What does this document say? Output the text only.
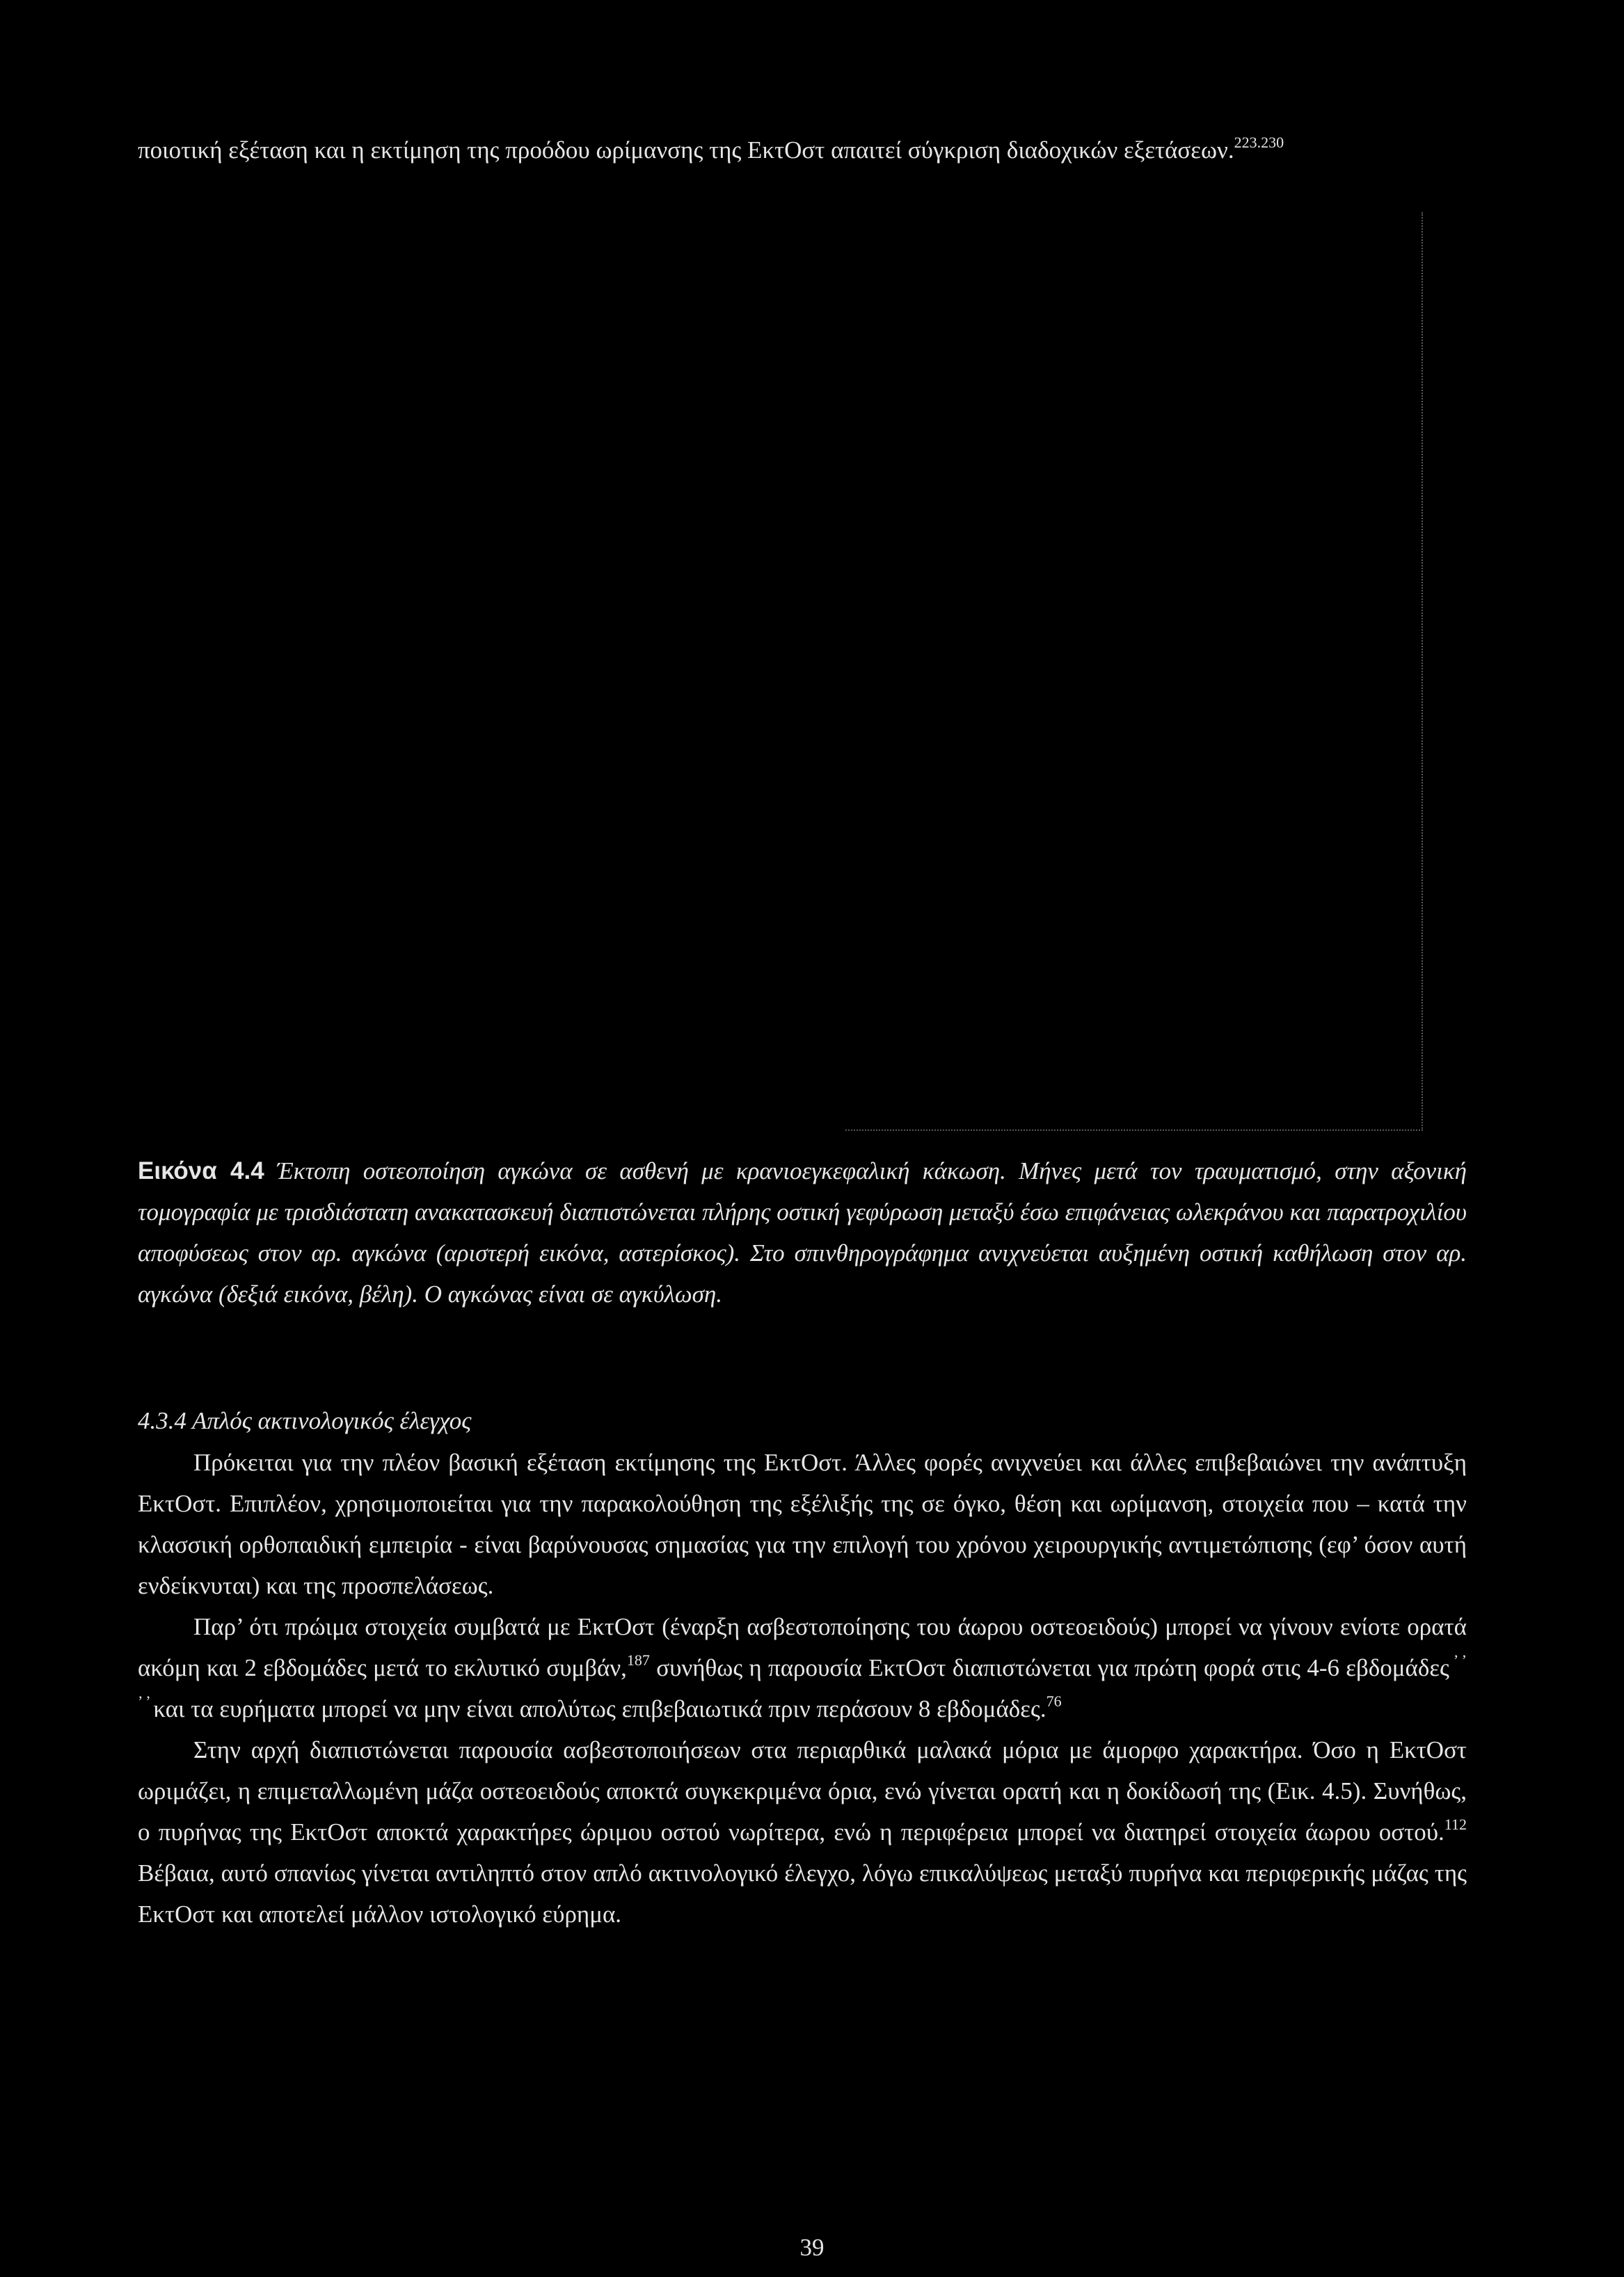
ποιοτική εξέταση και η εκτίμηση της προόδου ωρίμανσης της ΕκτΟστ απαιτεί σύγκριση διαδοχικών εξετάσεων.$^{223.230}$

Εικόνα 4.4 Έκτοπη οστεοποίηση αγκώνα σε ασθενή με κρανιοεγκεφαλική κάκωση. Μήνες μετά τον τραυματισμό, στην αξονική τομογραφία με τρισδιάστατη ανακατασκευή διαπιστώνεται πλήρης οστική γεφύρωση μεταξύ έσω επιφάνειας ωλεκράνου και παρατροχιλίου αποφύσεως στον αρ. αγκώνα (αριστερή εικόνα, αστερίσκος). Στο σπινθηρογράφημα ανιχνεύεται αυξημένη οστική καθήλωση στον αρ. αγκώνα (δεξιά εικόνα, βέλη). Ο αγκώνας είναι σε αγκύλωση.

4.3.4 Απλός ακτινολογικός έλεγχος

Πρόκειται για την πλέον βασική εξέταση εκτίμησης της ΕκτΟστ. Άλλες φορές ανιχνεύει και άλλες επιβεβαιώνει την ανάπτυξη ΕκτΟστ. Επιπλέον, χρησιμοποιείται για την παρακολούθηση της εξέλιξής της σε όγκο, θέση και ωρίμανση, στοιχεία που – κατά την κλασσική ορθοπαιδική εμπειρία - είναι βαρύνουσας σημασίας για την επιλογή του χρόνου χειρουργικής αντιμετώπισης (εφ’ όσον αυτή ενδείκνυται) και της προσπελάσεως.

Παρ’ ότι πρώιμα στοιχεία συμβατά με ΕκτΟστ (έναρξη ασβεστοποίησης του άωρου οστεοειδούς) μπορεί να γίνουν ενίοτε ορατά ακόμη και 2 εβδομάδες μετά το εκλυτικό συμβάν,$^{187}$ συνήθως η παρουσία ΕκτΟστ διαπιστώνεται για πρώτη φορά στις 4-6 εβδομάδες ’ ’ ’ ’ και τα ευρήματα μπορεί να μην είναι απολύτως επιβεβαιωτικά πριν περάσουν 8 εβδομάδες.$^{76}$

Στην αρχή διαπιστώνεται παρουσία ασβεστοποιήσεων στα περιαρθικά μαλακά μόρια με άμορφο χαρακτήρα. Όσο η ΕκτΟστ ωριμάζει, η επιμεταλλωμένη μάζα οστεοειδούς αποκτά συγκεκριμένα όρια, ενώ γίνεται ορατή και η δοκίδωσή της (Εικ. 4.5). Συνήθως, ο πυρήνας της ΕκτΟστ αποκτά χαρακτήρες ώριμου οστού νωρίτερα, ενώ η περιφέρεια μπορεί να διατηρεί στοιχεία άωρου οστού.$^{112}$ Βέβαια, αυτό σπανίως γίνεται αντιληπτό στον απλό ακτινολογικό έλεγχο, λόγω επικαλύψεως μεταξύ πυρήνα και περιφερικής μάζας της ΕκτΟστ και αποτελεί μάλλον ιστολογικό εύρημα.

39
